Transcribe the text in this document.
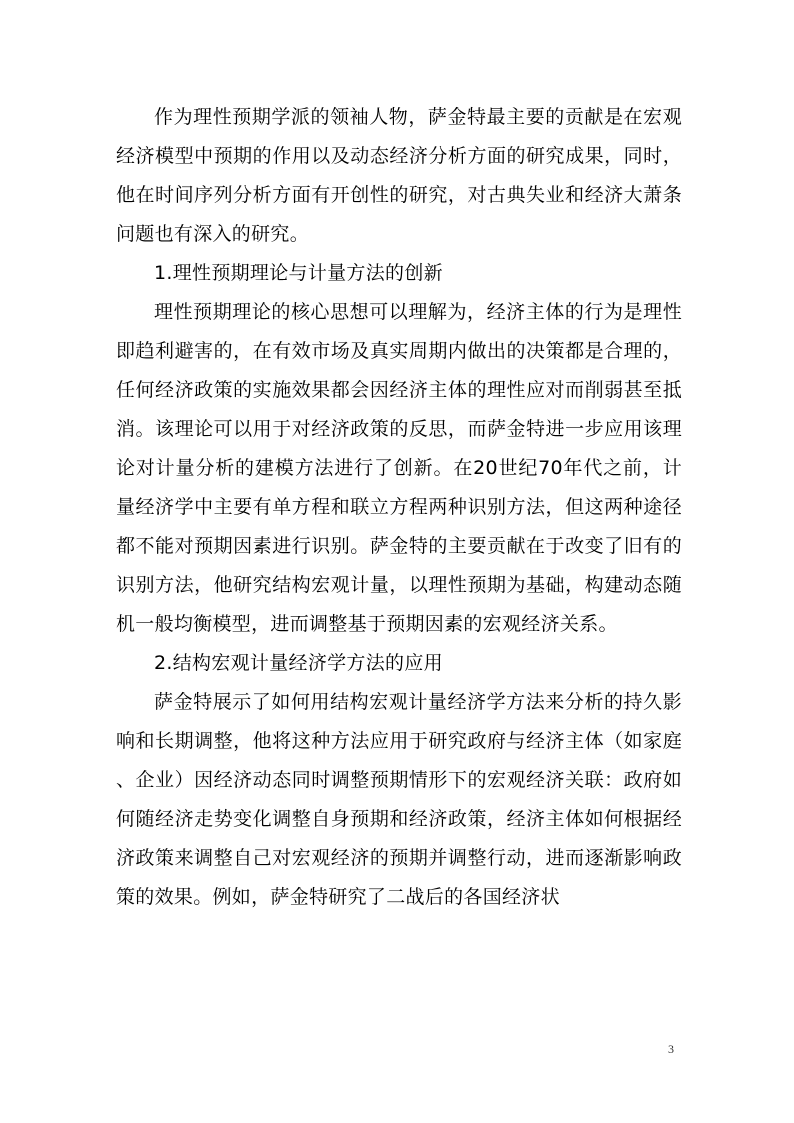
作为理性预期学派的领袖人物，萨金特最主要的贡献是在宏观经济模型中预期的作用以及动态经济分析方面的研究成果，同时，他在时间序列分析方面有开创性的研究，对古典失业和经济大萧条问题也有深入的研究。

1.理性预期理论与计量方法的创新

理性预期理论的核心思想可以理解为，经济主体的行为是理性即趋利避害的，在有效市场及真实周期内做出的决策都是合理的，任何经济政策的实施效果都会因经济主体的理性应对而削弱甚至抵消。该理论可以用于对经济政策的反思，而萨金特进一步应用该理论对计量分析的建模方法进行了创新。在20世纪70年代之前，计量经济学中主要有单方程和联立方程两种识别方法，但这两种途径都不能对预期因素进行识别。萨金特的主要贡献在于改变了旧有的识别方法，他研究结构宏观计量，以理性预期为基础，构建动态随机一般均衡模型，进而调整基于预期因素的宏观经济关系。

2.结构宏观计量经济学方法的应用

萨金特展示了如何用结构宏观计量经济学方法来分析的持久影响和长期调整，他将这种方法应用于研究政府与经济主体（如家庭、企业）因经济动态同时调整预期情形下的宏观经济关联：政府如何随经济走势变化调整自身预期和经济政策，经济主体如何根据经济政策来调整自己对宏观经济的预期并调整行动，进而逐渐影响政策的效果。例如，萨金特研究了二战后的各国经济状

3
